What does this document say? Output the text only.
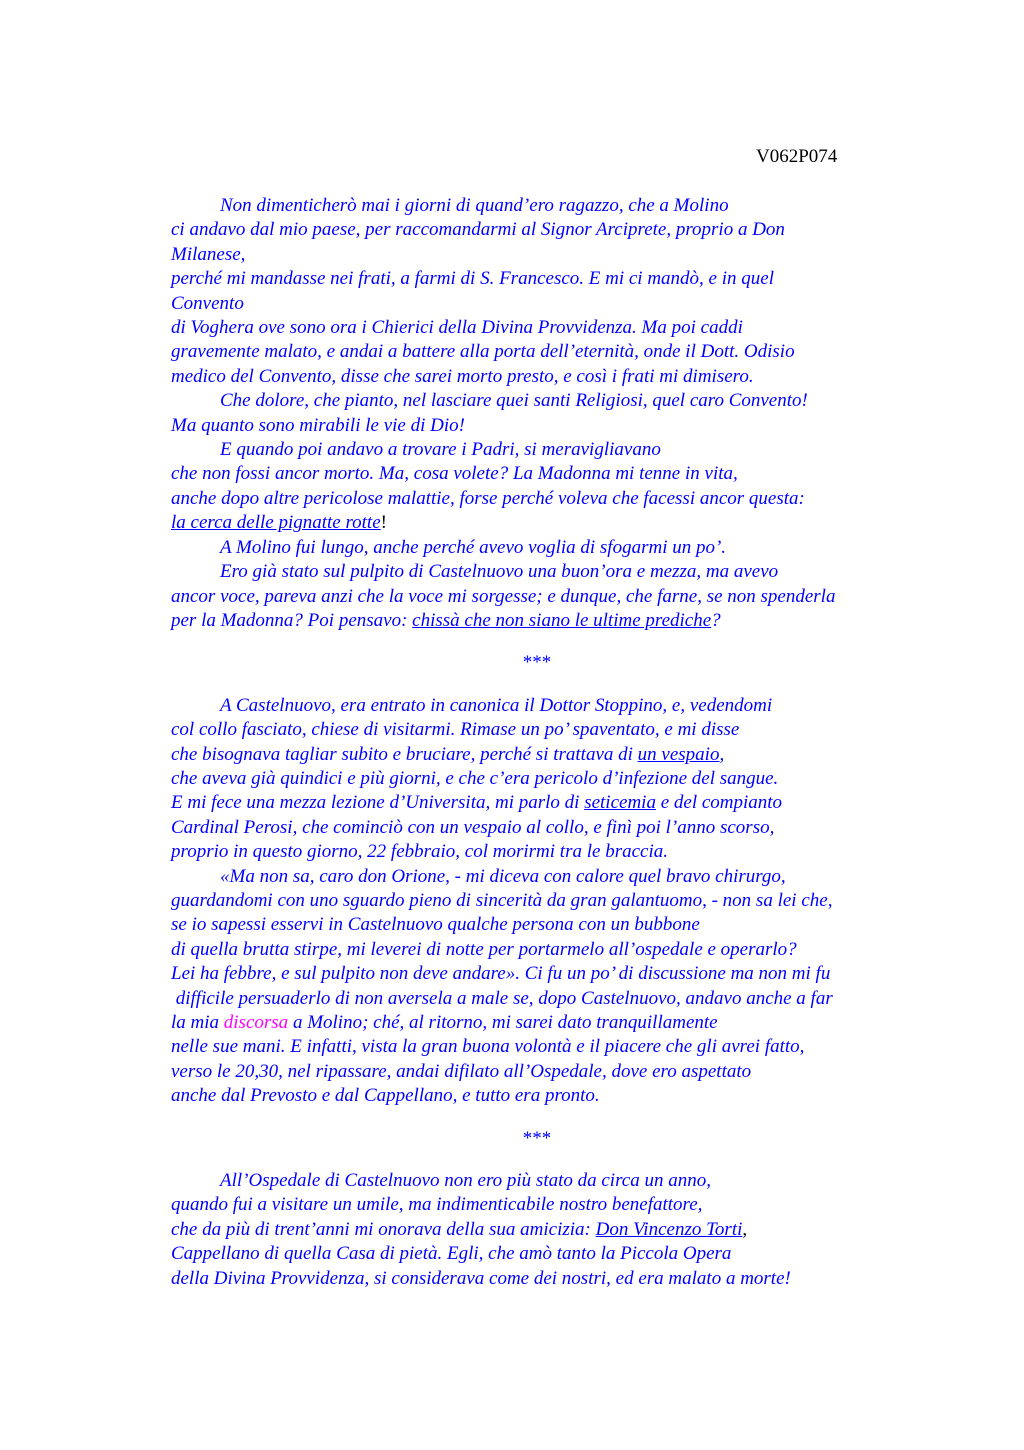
V062P074
Non dimenticherò mai i giorni di quand’ero ragazzo, che a Molino
ci andavo dal mio paese, per raccomandarmi al Signor Arciprete, proprio a Don
Milanese,
perché mi mandasse nei frati, a farmi di S. Francesco. E mi ci mandò, e in quel
Convento
di Voghera ove sono ora i Chierici della Divina Provvidenza. Ma poi caddi
gravemente malato, e andai a battere alla porta dell’eternità, onde il Dott. Odisio
medico del Convento, disse che sarei morto presto, e così i frati mi dimisero.
Che dolore, che pianto, nel lasciare quei santi Religiosi, quel caro Convento!
Ma quanto sono mirabili le vie di Dio!
E quando poi andavo a trovare i Padri, si meravigliavano
che non fossi ancor morto. Ma, cosa volete? La Madonna mi tenne in vita,
anche dopo altre pericolose malattie, forse perché voleva che facessi ancor questa:
la cerca delle pignatte rotte!
A Molino fui lungo, anche perché avevo voglia di sfogarmi un po’.
Ero già stato sul pulpito di Castelnuovo una buon’ora e mezza, ma avevo
ancor voce, pareva anzi che la voce mi sorgesse; e dunque, che farne, se non spenderla
per la Madonna? Poi pensavo: chissà che non siano le ultime prediche?
***
A Castelnuovo, era entrato in canonica il Dottor Stoppino, e, vedendomi
col collo fasciato, chiese di visitarmi. Rimase un po’ spaventato, e mi disse
che bisognava tagliar subito e bruciare, perché si trattava di un vespaio,
che aveva già quindici e più giorni, e che c’era pericolo d’infezione del sangue.
E mi fece una mezza lezione d’Universita, mi parlo di seticemia e del compianto
Cardinal Perosi, che cominciò con un vespaio al collo, e finì poi l’anno scorso,
proprio in questo giorno, 22 febbraio, col morirmi tra le braccia.
«Ma non sa, caro don Orione, - mi diceva con calore quel bravo chirurgo,
guardandomi con uno sguardo pieno di sincerità da gran galantuomo, - non sa lei che,
se io sapessi esservi in Castelnuovo qualche persona con un bubbone
di quella brutta stirpe, mi leverei di notte per portarmelo all’ospedale e operarlo?
Lei ha febbre, e sul pulpito non deve andare». Ci fu un po’ di discussione ma non mi fu
difficile persuaderlo di non aversela a male se, dopo Castelnuovo, andavo anche a far
la mia discorsa a Molino; ché, al ritorno, mi sarei dato tranquillamente
nelle sue mani. E infatti, vista la gran buona volontà e il piacere che gli avrei fatto,
verso le 20,30, nel ripassare, andai difilato all’Ospedale, dove ero aspettato
anche dal Prevosto e dal Cappellano, e tutto era pronto.
***
All’Ospedale di Castelnuovo non ero più stato da circa un anno,
quando fui a visitare un umile, ma indimenticabile nostro benefattore,
che da più di trent’anni mi onorava della sua amicizia: Don Vincenzo Torti,
Cappellano di quella Casa di pietà. Egli, che amò tanto la Piccola Opera
della Divina Provvidenza, si considerava come dei nostri, ed era malato a morte!
